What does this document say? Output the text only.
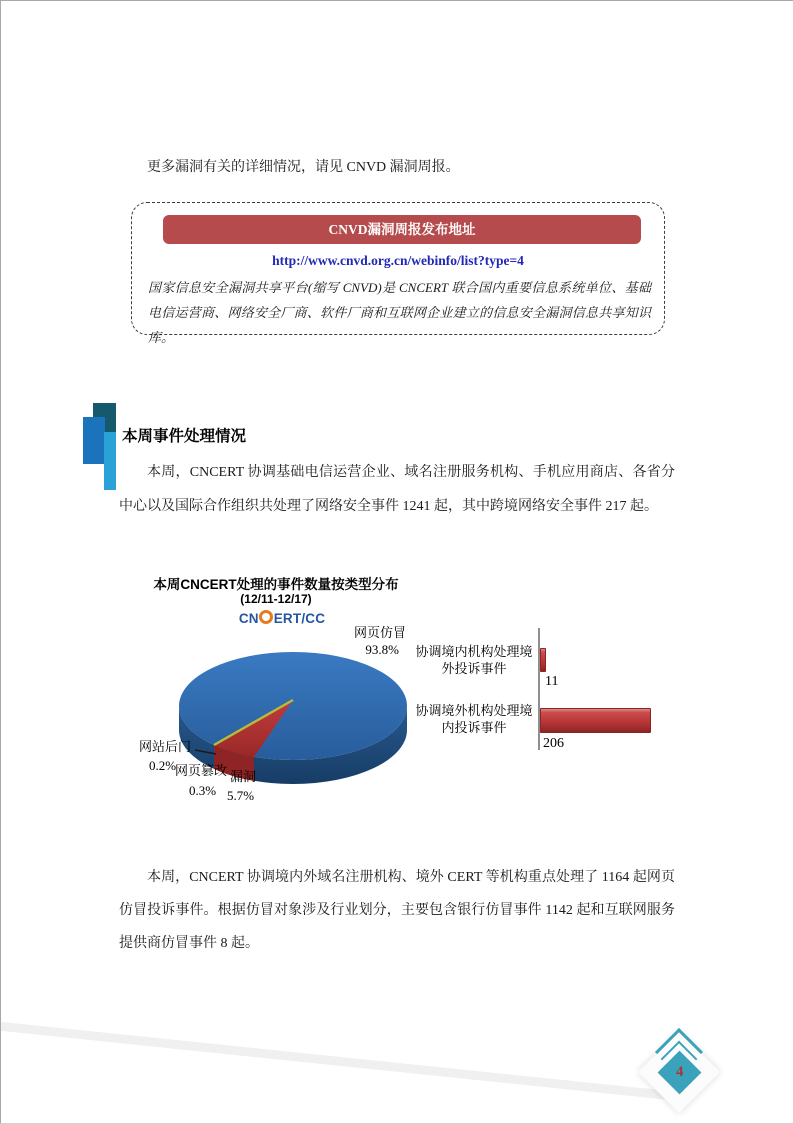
更多漏洞有关的详细情况，请见 CNVD 漏洞周报。
CNVD漏洞周报发布地址
http://www.cnvd.org.cn/webinfo/list?type=4
国家信息安全漏洞共享平台(缩写 CNVD)是 CNCERT 联合国内重要信息系统单位、基础电信运营商、网络安全厂商、软件厂商和互联网企业建立的信息安全漏洞信息共享知识库。
本周事件处理情况
本周，CNCERT 协调基础电信运营企业、域名注册服务机构、手机应用商店、各省分中心以及国际合作组织共处理了网络安全事件 1241 起，其中跨境网络安全事件 217 起。
本周CNCERT处理的事件数量按类型分布
(12/11-12/17)
CN ERT/CC
网页仿冒
93.8%
网站后门
0.2%
网页篡改
0.3%
漏洞
5.7%
协调境内机构处理境外投诉事件
11
协调境外机构处理境内投诉事件
206
本周，CNCERT 协调境内外域名注册机构、境外 CERT 等机构重点处理了 1164 起网页仿冒投诉事件。根据仿冒对象涉及行业划分，主要包含银行仿冒事件 1142 起和互联网服务提供商仿冒事件 8 起。
4
